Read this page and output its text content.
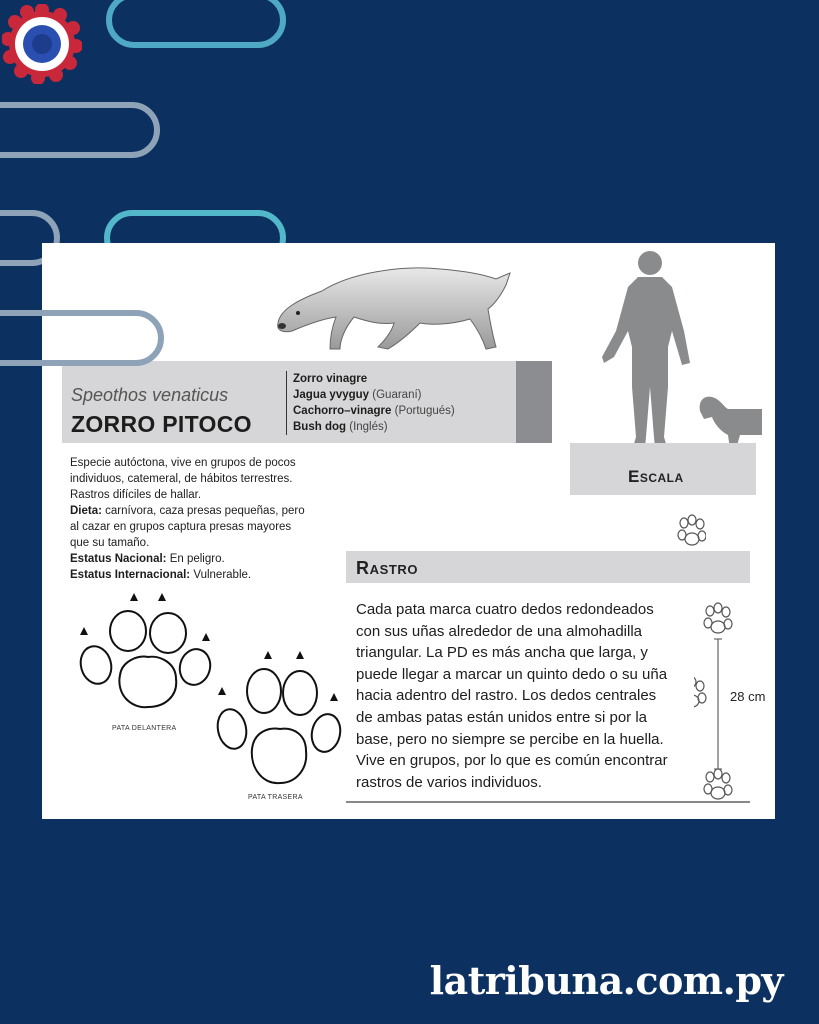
Speothos venaticus
ZORRO PITOCO
Zorro vinagre
Jagua yvyguy (Guaraní)
Cachorro–vinagre (Portugués)
Bush dog (Inglés)
Especie autóctona, vive en grupos de pocos individuos, catemeral, de hábitos terrestres. Rastros difíciles de hallar.
Dieta: carnívora, caza presas pequeñas, pero al cazar en grupos captura presas mayores que su tamaño.
Estatus Nacional: En peligro.
Estatus Internacional: Vulnerable.
Escala
Rastro
Cada pata marca cuatro dedos redondeados con sus uñas alrededor de una almohadilla triangular. La PD es más ancha que larga, y puede llegar a marcar un quinto dedo o su uña hacia adentro del rastro. Los dedos centrales de ambas patas están unidos entre si por la base, pero no siempre se percibe en la huella. Vive en grupos, por lo que es común encontrar rastros de varios individuos.
28 cm
PATA DELANTERA
PATA TRASERA
latribuna.com.py
